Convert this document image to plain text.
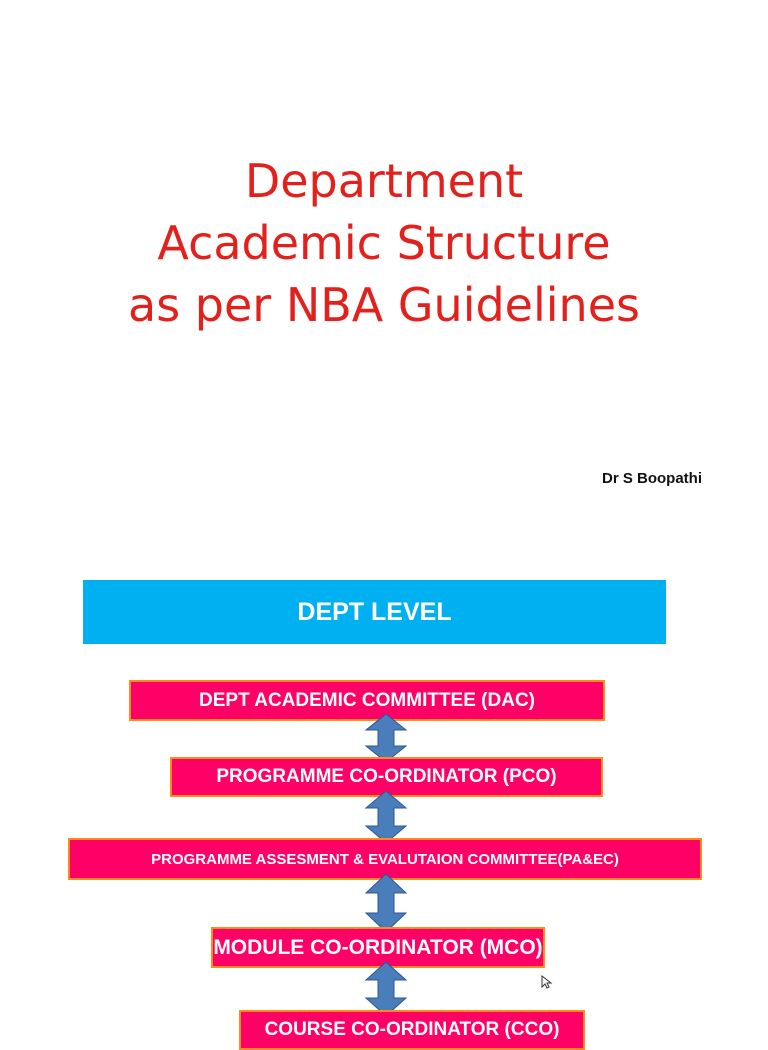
Department
Academic Structure
as per NBA Guidelines
Dr S Boopathi
DEPT LEVEL
DEPT ACADEMIC COMMITTEE (DAC)
PROGRAMME CO-ORDINATOR (PCO)
PROGRAMME ASSESMENT & EVALUTAION COMMITTEE(PA&EC)
MODULE CO-ORDINATOR (MCO)
COURSE CO-ORDINATOR (CCO)
